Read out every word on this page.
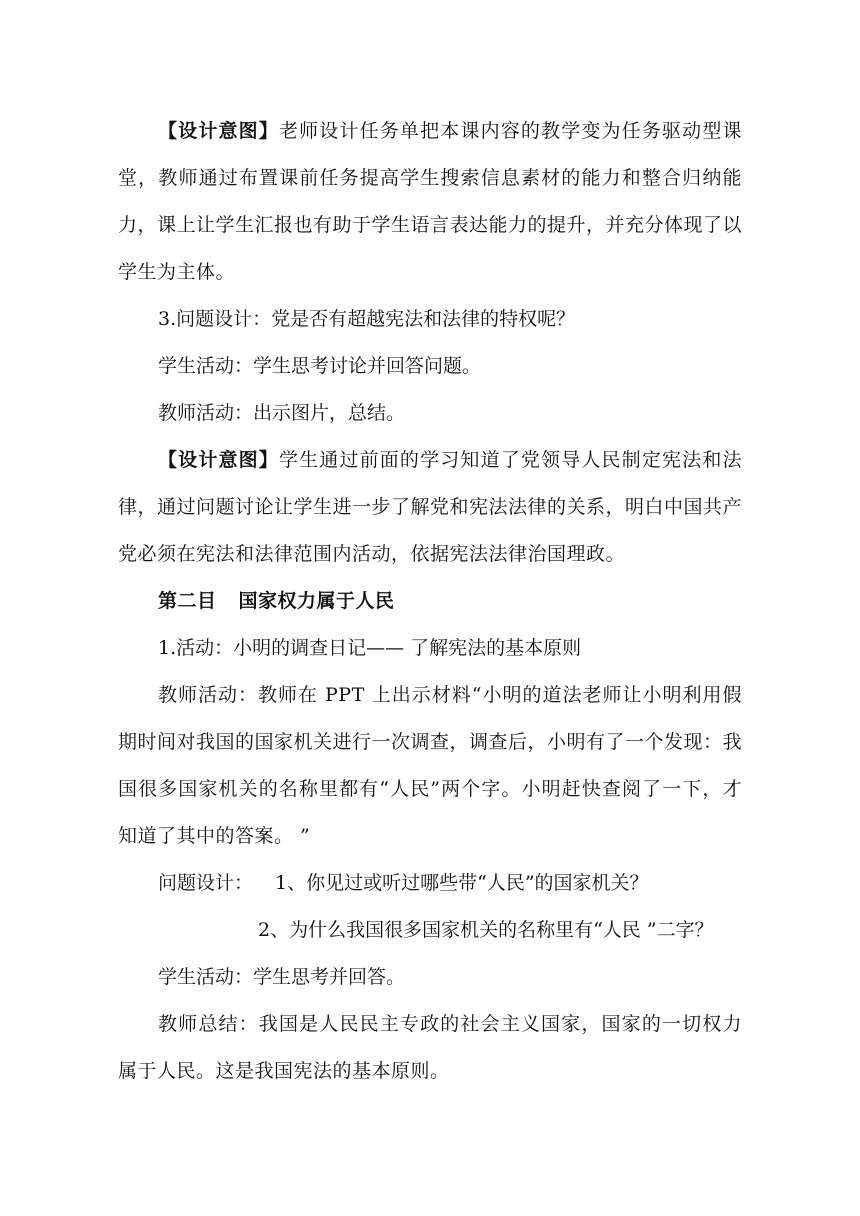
【设计意图】老师设计任务单把本课内容的教学变为任务驱动型课堂，教师通过布置课前任务提高学生搜索信息素材的能力和整合归纳能力，课上让学生汇报也有助于学生语言表达能力的提升，并充分体现了以学生为主体。

3.问题设计：党是否有超越宪法和法律的特权呢？

学生活动：学生思考讨论并回答问题。

教师活动：出示图片，总结。

【设计意图】学生通过前面的学习知道了党领导人民制定宪法和法律，通过问题讨论让学生进一步了解党和宪法法律的关系，明白中国共产党必须在宪法和法律范围内活动，依据宪法法律治国理政。

第二目 国家权力属于人民

1.活动：小明的调查日记—— 了解宪法的基本原则

教师活动：教师在 PPT 上出示材料“小明的道法老师让小明利用假期时间对我国的国家机关进行一次调查，调查后，小明有了一个发现：我国很多国家机关的名称里都有“人民”两个字。小明赶快查阅了一下，才知道了其中的答案。 ”

问题设计： 1、你见过或听过哪些带“人民”的国家机关？

2、为什么我国很多国家机关的名称里有“人民 ”二字？

学生活动：学生思考并回答。

教师总结：我国是人民民主专政的社会主义国家，国家的一切权力属于人民。这是我国宪法的基本原则。
